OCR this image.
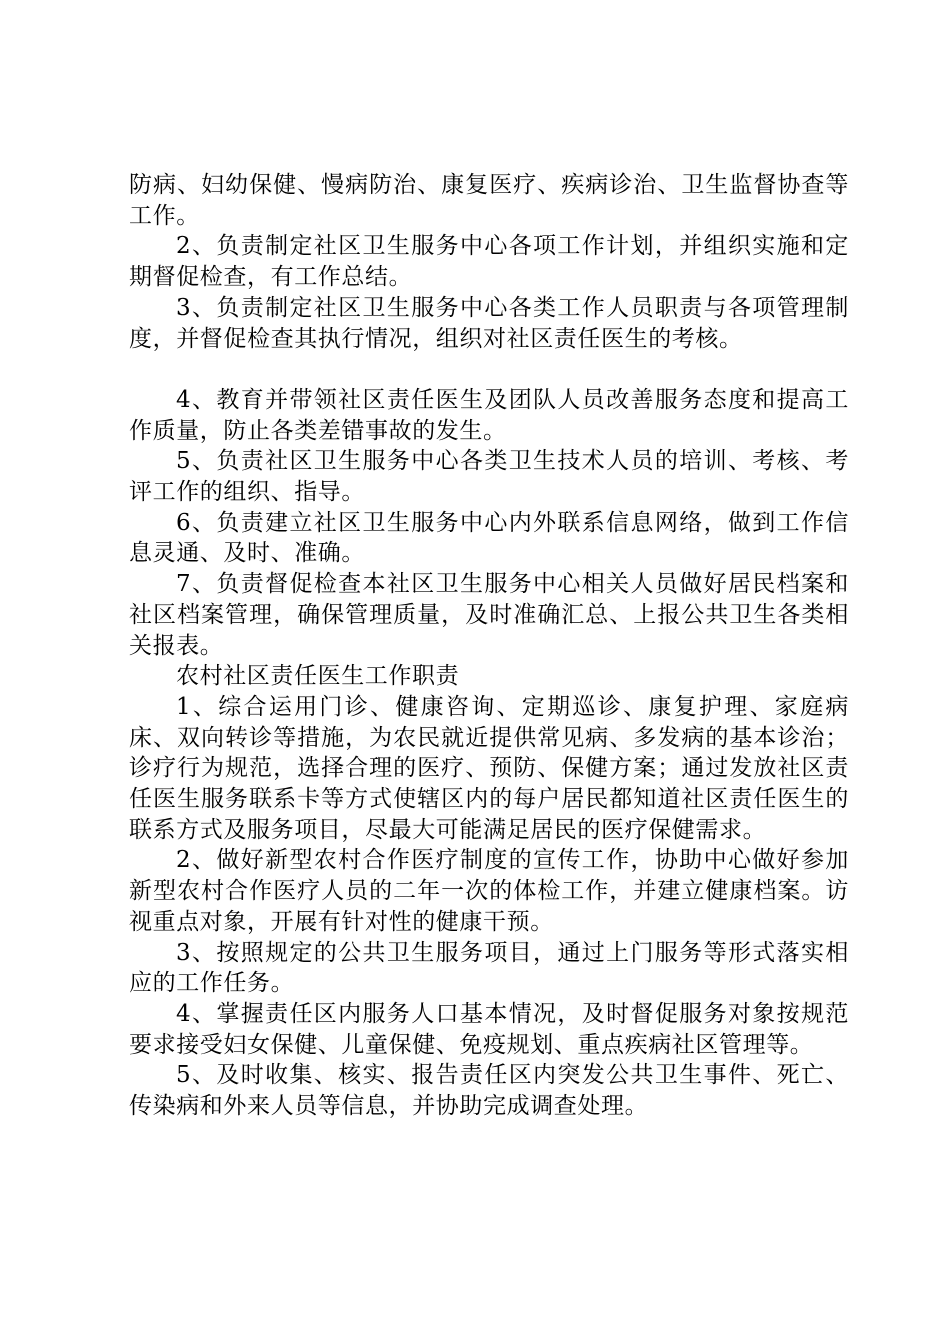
防病、妇幼保健、慢病防治、康复医疗、疾病诊治、卫生监督协查等工作。

2、负责制定社区卫生服务中心各项工作计划，并组织实施和定期督促检查，有工作总结。

3、负责制定社区卫生服务中心各类工作人员职责与各项管理制度，并督促检查其执行情况，组织对社区责任医生的考核。

4、教育并带领社区责任医生及团队人员改善服务态度和提高工作质量，防止各类差错事故的发生。

5、负责社区卫生服务中心各类卫生技术人员的培训、考核、考评工作的组织、指导。

6、负责建立社区卫生服务中心内外联系信息网络，做到工作信息灵通、及时、准确。

7、负责督促检查本社区卫生服务中心相关人员做好居民档案和社区档案管理，确保管理质量，及时准确汇总、上报公共卫生各类相关报表。

农村社区责任医生工作职责

1、综合运用门诊、健康咨询、定期巡诊、康复护理、家庭病床、双向转诊等措施，为农民就近提供常见病、多发病的基本诊治；诊疗行为规范，选择合理的医疗、预防、保健方案；通过发放社区责任医生服务联系卡等方式使辖区内的每户居民都知道社区责任医生的联系方式及服务项目，尽最大可能满足居民的医疗保健需求。

2、做好新型农村合作医疗制度的宣传工作，协助中心做好参加新型农村合作医疗人员的二年一次的体检工作，并建立健康档案。访视重点对象，开展有针对性的健康干预。

3、按照规定的公共卫生服务项目，通过上门服务等形式落实相应的工作任务。

4、掌握责任区内服务人口基本情况，及时督促服务对象按规范要求接受妇女保健、儿童保健、免疫规划、重点疾病社区管理等。

5、及时收集、核实、报告责任区内突发公共卫生事件、死亡、传染病和外来人员等信息，并协助完成调查处理。
